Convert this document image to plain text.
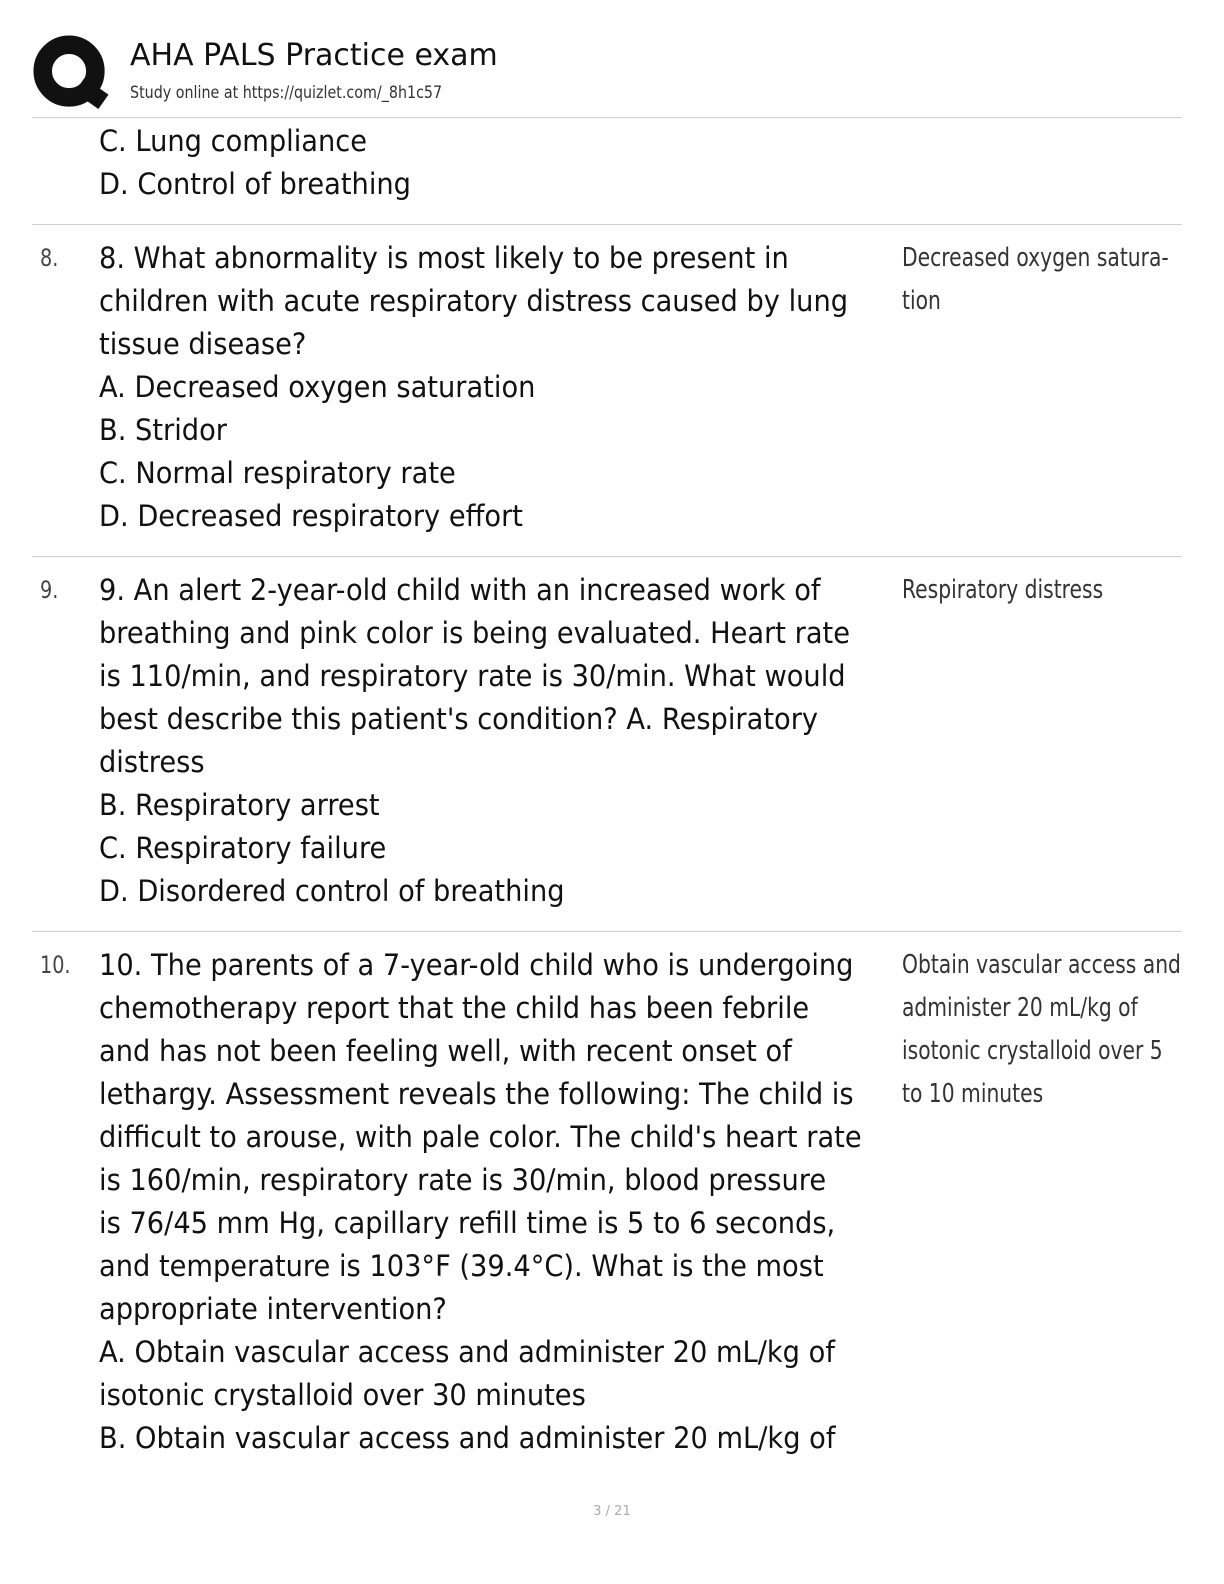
AHA PALS Practice exam
Study online at https://quizlet.com/_8h1c57
C. Lung compliance
D. Control of breathing
8. 8. What abnormality is most likely to be present in
children with acute respiratory distress caused by lung
tissue disease?
A. Decreased oxygen saturation
B. Stridor
C. Normal respiratory rate
D. Decreased respiratory effort
Decreased oxygen satura-
tion
9. 9. An alert 2-year-old child with an increased work of
breathing and pink color is being evaluated. Heart rate
is 110/min, and respiratory rate is 30/min. What would
best describe this patient's condition? A. Respiratory
distress
B. Respiratory arrest
C. Respiratory failure
D. Disordered control of breathing
Respiratory distress
10. 10. The parents of a 7-year-old child who is undergoing
chemotherapy report that the child has been febrile
and has not been feeling well, with recent onset of
lethargy. Assessment reveals the following: The child is
difficult to arouse, with pale color. The child's heart rate
is 160/min, respiratory rate is 30/min, blood pressure
is 76/45 mm Hg, capillary refill time is 5 to 6 seconds,
and temperature is 103°F (39.4°C). What is the most
appropriate intervention?
A. Obtain vascular access and administer 20 mL/kg of
isotonic crystalloid over 30 minutes
B. Obtain vascular access and administer 20 mL/kg of
Obtain vascular access and
administer 20 mL/kg of
isotonic crystalloid over 5
to 10 minutes
3 / 21
